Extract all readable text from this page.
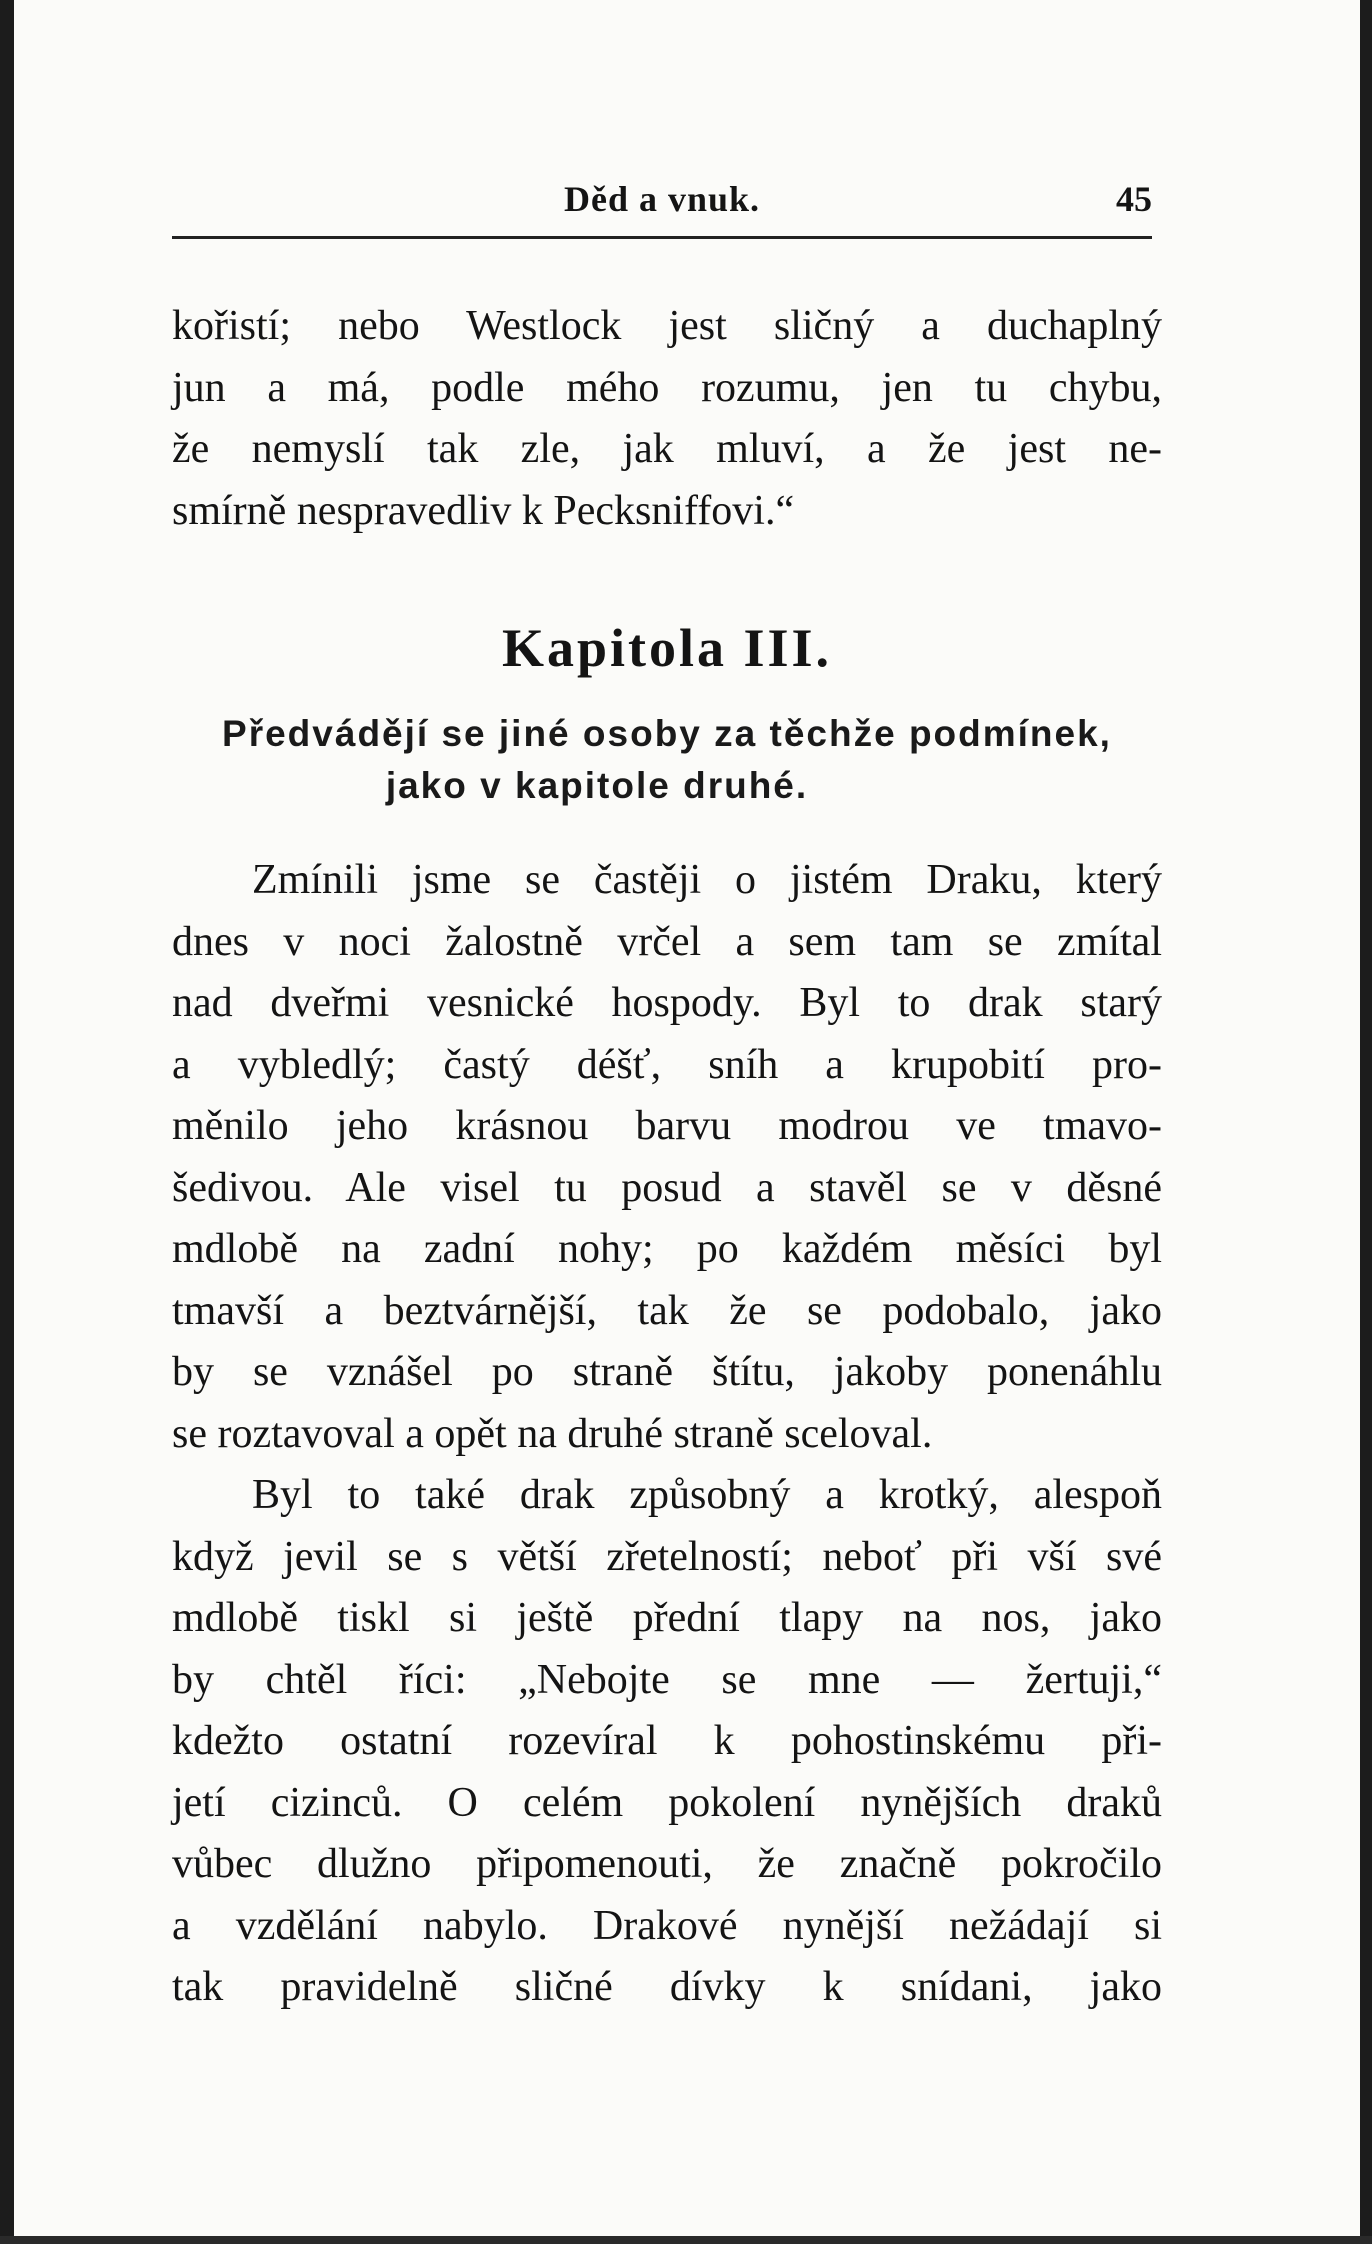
Děd a vnuk.	45
kořistí; nebo Westlock jest sličný a duchaplný
jun a má, podle mého rozumu, jen tu chybu,
že nemyslí tak zle, jak mluví, a že jest ne-
smírně nespravedliv k Pecksniffovi.“
Kapitola III.
Předvádějí se jiné osoby za těchže podmínek,
jako v kapitole druhé.
Zmínili jsme se častěji o jistém Draku, který
dnes v noci žalostně vrčel a sem tam se zmítal
nad dveřmi vesnické hospody. Byl to drak starý
a vybledlý; častý déšť, sníh a krupobití pro-
měnilo jeho krásnou barvu modrou ve tmavo-
šedivou. Ale visel tu posud a stavěl se v děsné
mdlobě na zadní nohy; po každém měsíci byl
tmavší a beztvárnější, tak že se podobalo, jako
by se vznášel po straně štítu, jakoby ponenáhlu
se roztavoval a opět na druhé straně sceloval.
Byl to také drak způsobný a krotký, alespoň
když jevil se s větší zřetelností; neboť při vší své
mdlobě tiskl si ještě přední tlapy na nos, jako
by chtěl říci: „Nebojte se mne — žertuji,“
kdežto ostatní rozevíral k pohostinskému při-
jetí cizinců. O celém pokolení nynějších draků
vůbec dlužno připomenouti, že značně pokročilo
a vzdělání nabylo. Drakové nynější nežádají si
tak pravidelně sličné dívky k snídani, jako
